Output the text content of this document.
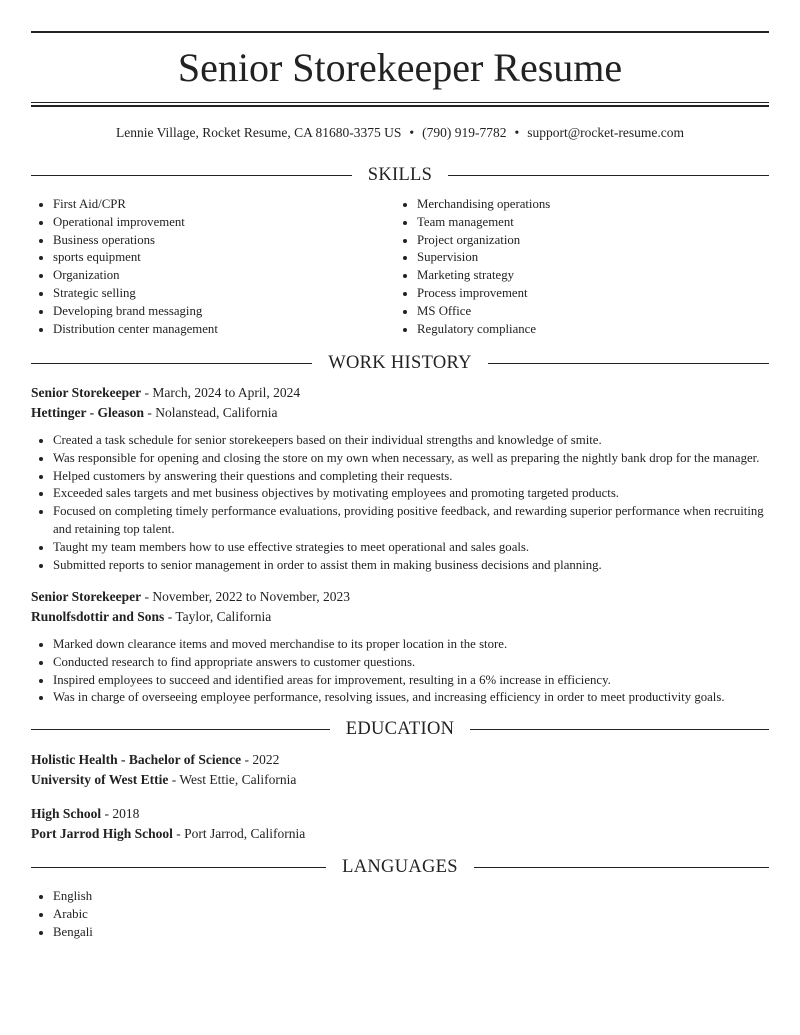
Senior Storekeeper Resume
Lennie Village, Rocket Resume, CA 81680-3375 US • (790) 919-7782 • support@rocket-resume.com
SKILLS
First Aid/CPR
Operational improvement
Business operations
sports equipment
Organization
Strategic selling
Developing brand messaging
Distribution center management
Merchandising operations
Team management
Project organization
Supervision
Marketing strategy
Process improvement
MS Office
Regulatory compliance
WORK HISTORY
Senior Storekeeper - March, 2024 to April, 2024
Hettinger - Gleason - Nolanstead, California
Created a task schedule for senior storekeepers based on their individual strengths and knowledge of smite.
Was responsible for opening and closing the store on my own when necessary, as well as preparing the nightly bank drop for the manager.
Helped customers by answering their questions and completing their requests.
Exceeded sales targets and met business objectives by motivating employees and promoting targeted products.
Focused on completing timely performance evaluations, providing positive feedback, and rewarding superior performance when recruiting and retaining top talent.
Taught my team members how to use effective strategies to meet operational and sales goals.
Submitted reports to senior management in order to assist them in making business decisions and planning.
Senior Storekeeper - November, 2022 to November, 2023
Runolfsdottir and Sons - Taylor, California
Marked down clearance items and moved merchandise to its proper location in the store.
Conducted research to find appropriate answers to customer questions.
Inspired employees to succeed and identified areas for improvement, resulting in a 6% increase in efficiency.
Was in charge of overseeing employee performance, resolving issues, and increasing efficiency in order to meet productivity goals.
EDUCATION
Holistic Health - Bachelor of Science - 2022
University of West Ettie - West Ettie, California
High School - 2018
Port Jarrod High School - Port Jarrod, California
LANGUAGES
English
Arabic
Bengali
